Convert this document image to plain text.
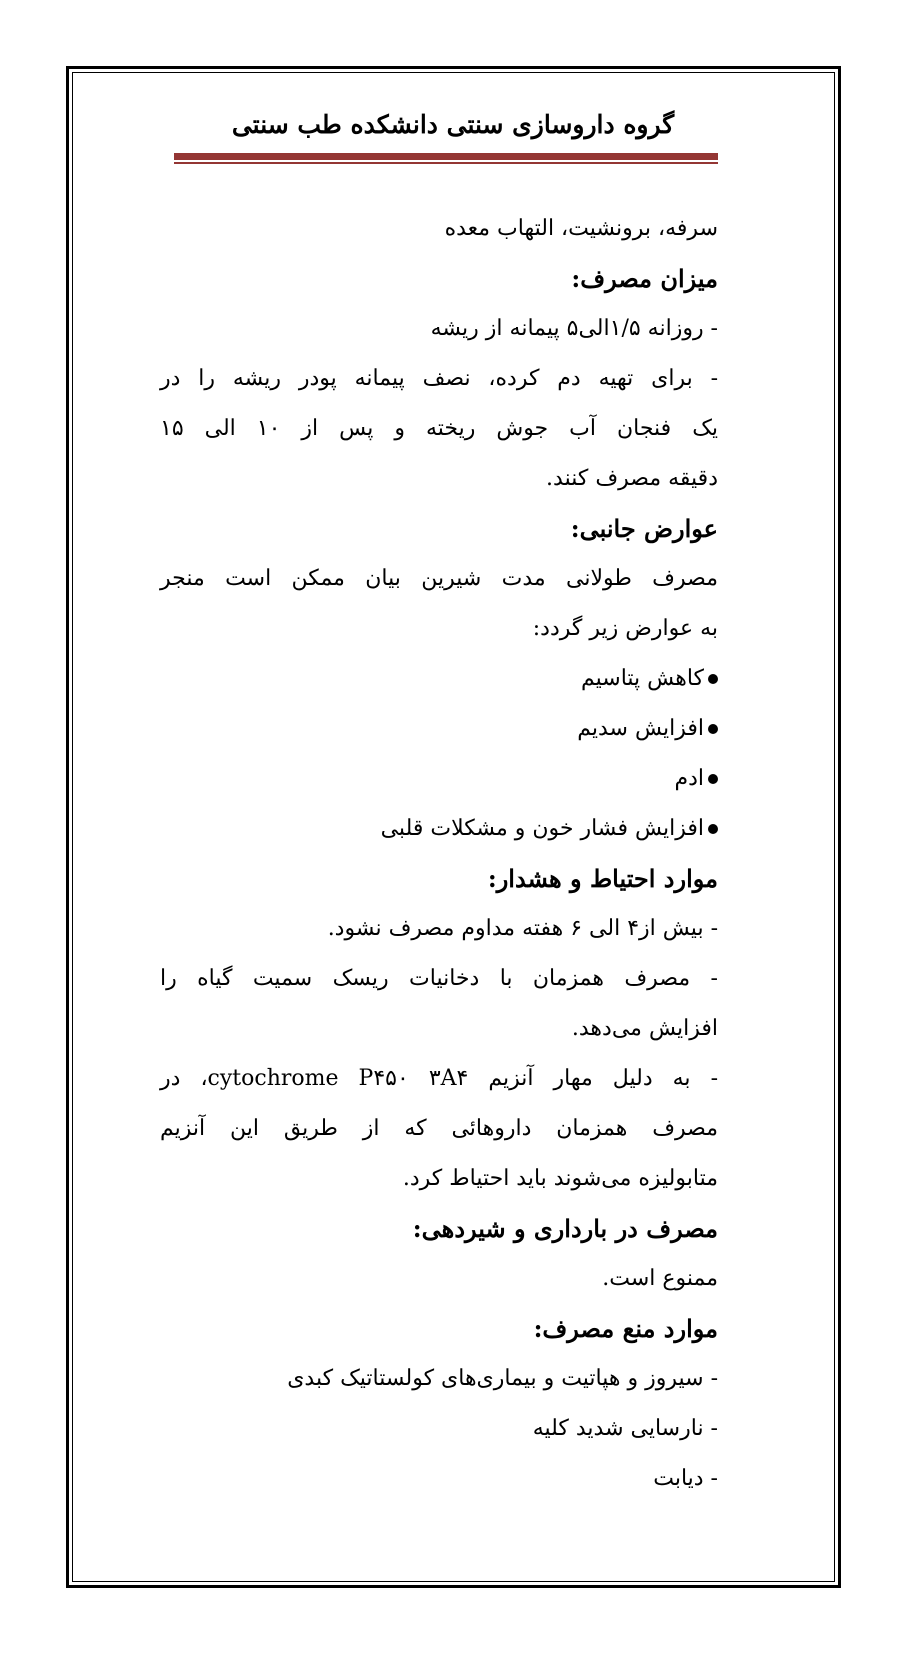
گروه داروسازی سنتی دانشکده طب سنتی
سرفه، برونشیت، التهاب معده
میزان مصرف:
- روزانه ۱/۵الی۵ پیمانه از ریشه
- برای تهیه دم کرده، نصف پیمانه پودر ریشه را در
یک فنجان آب جوش ریخته و پس از ۱۰ الی ۱۵
دقیقه مصرف کنند.
عوارض جانبی:
مصرف طولانی مدت شیرین بیان ممکن است منجر
به عوارض زیر گردد:
کاهش پتاسیم
افزایش سدیم
ادم
افزایش فشار خون و مشکلات قلبی
موارد احتیاط و هشدار:
- بیش از۴ الی ۶ هفته مداوم مصرف نشود.
- مصرف همزمان با دخانیات ریسک سمیت گیاه را
افزایش می‌دهد.
- به دلیل مهار آنزیم cytochrome P۴۵۰ ۳A۴، در
مصرف همزمان داروهائی که از طریق این آنزیم
متابولیزه می‌شوند باید احتیاط کرد.
مصرف در بارداری و شیردهی:
ممنوع است.
موارد منع مصرف:
- سیروز و هپاتیت و بیماری‌های کولستاتیک کبدی
- نارسایی شدید کلیه
- دیابت
